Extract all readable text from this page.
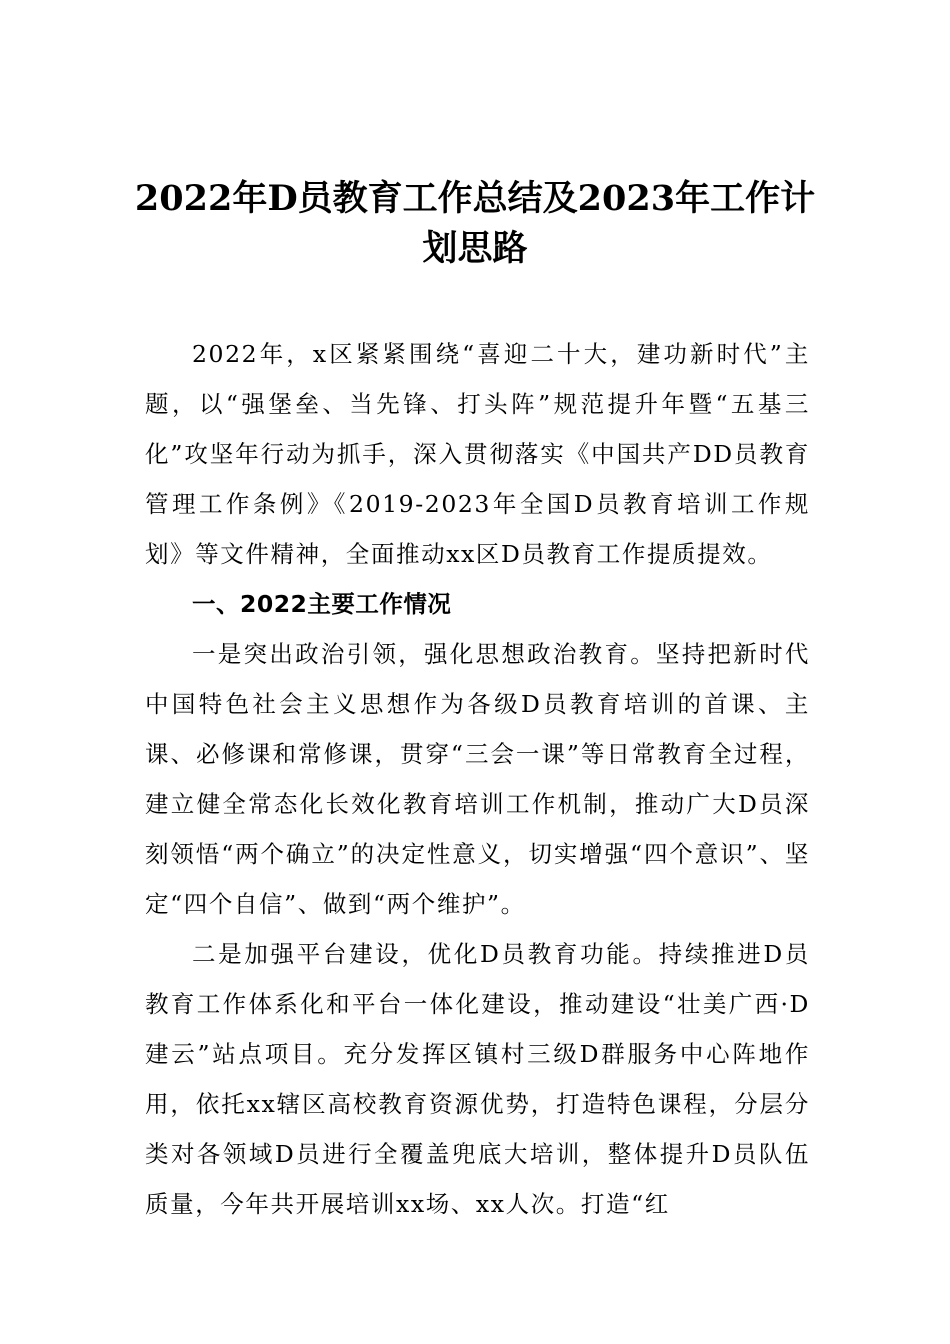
2022年D员教育工作总结及2023年工作计划思路

2022年，x区紧紧围绕“喜迎二十大，建功新时代”主题，以“强堡垒、当先锋、打头阵”规范提升年暨“五基三化”攻坚年行动为抓手，深入贯彻落实《中国共产DD员教育管理工作条例》《2019-2023年全国D员教育培训工作规划》等文件精神，全面推动xx区D员教育工作提质提效。

一、2022主要工作情况

一是突出政治引领，强化思想政治教育。坚持把新时代中国特色社会主义思想作为各级D员教育培训的首课、主课、必修课和常修课，贯穿“三会一课”等日常教育全过程，建立健全常态化长效化教育培训工作机制，推动广大D员深刻领悟“两个确立”的决定性意义，切实增强“四个意识”、坚定“四个自信”、做到“两个维护”。

二是加强平台建设，优化D员教育功能。持续推进D员教育工作体系化和平台一体化建设，推动建设“壮美广西·D建云”站点项目。充分发挥区镇村三级D群服务中心阵地作用，依托xx辖区高校教育资源优势，打造特色课程，分层分类对各领域D员进行全覆盖兜底大培训，整体提升D员队伍质量，今年共开展培训xx场、xx人次。打造“红
